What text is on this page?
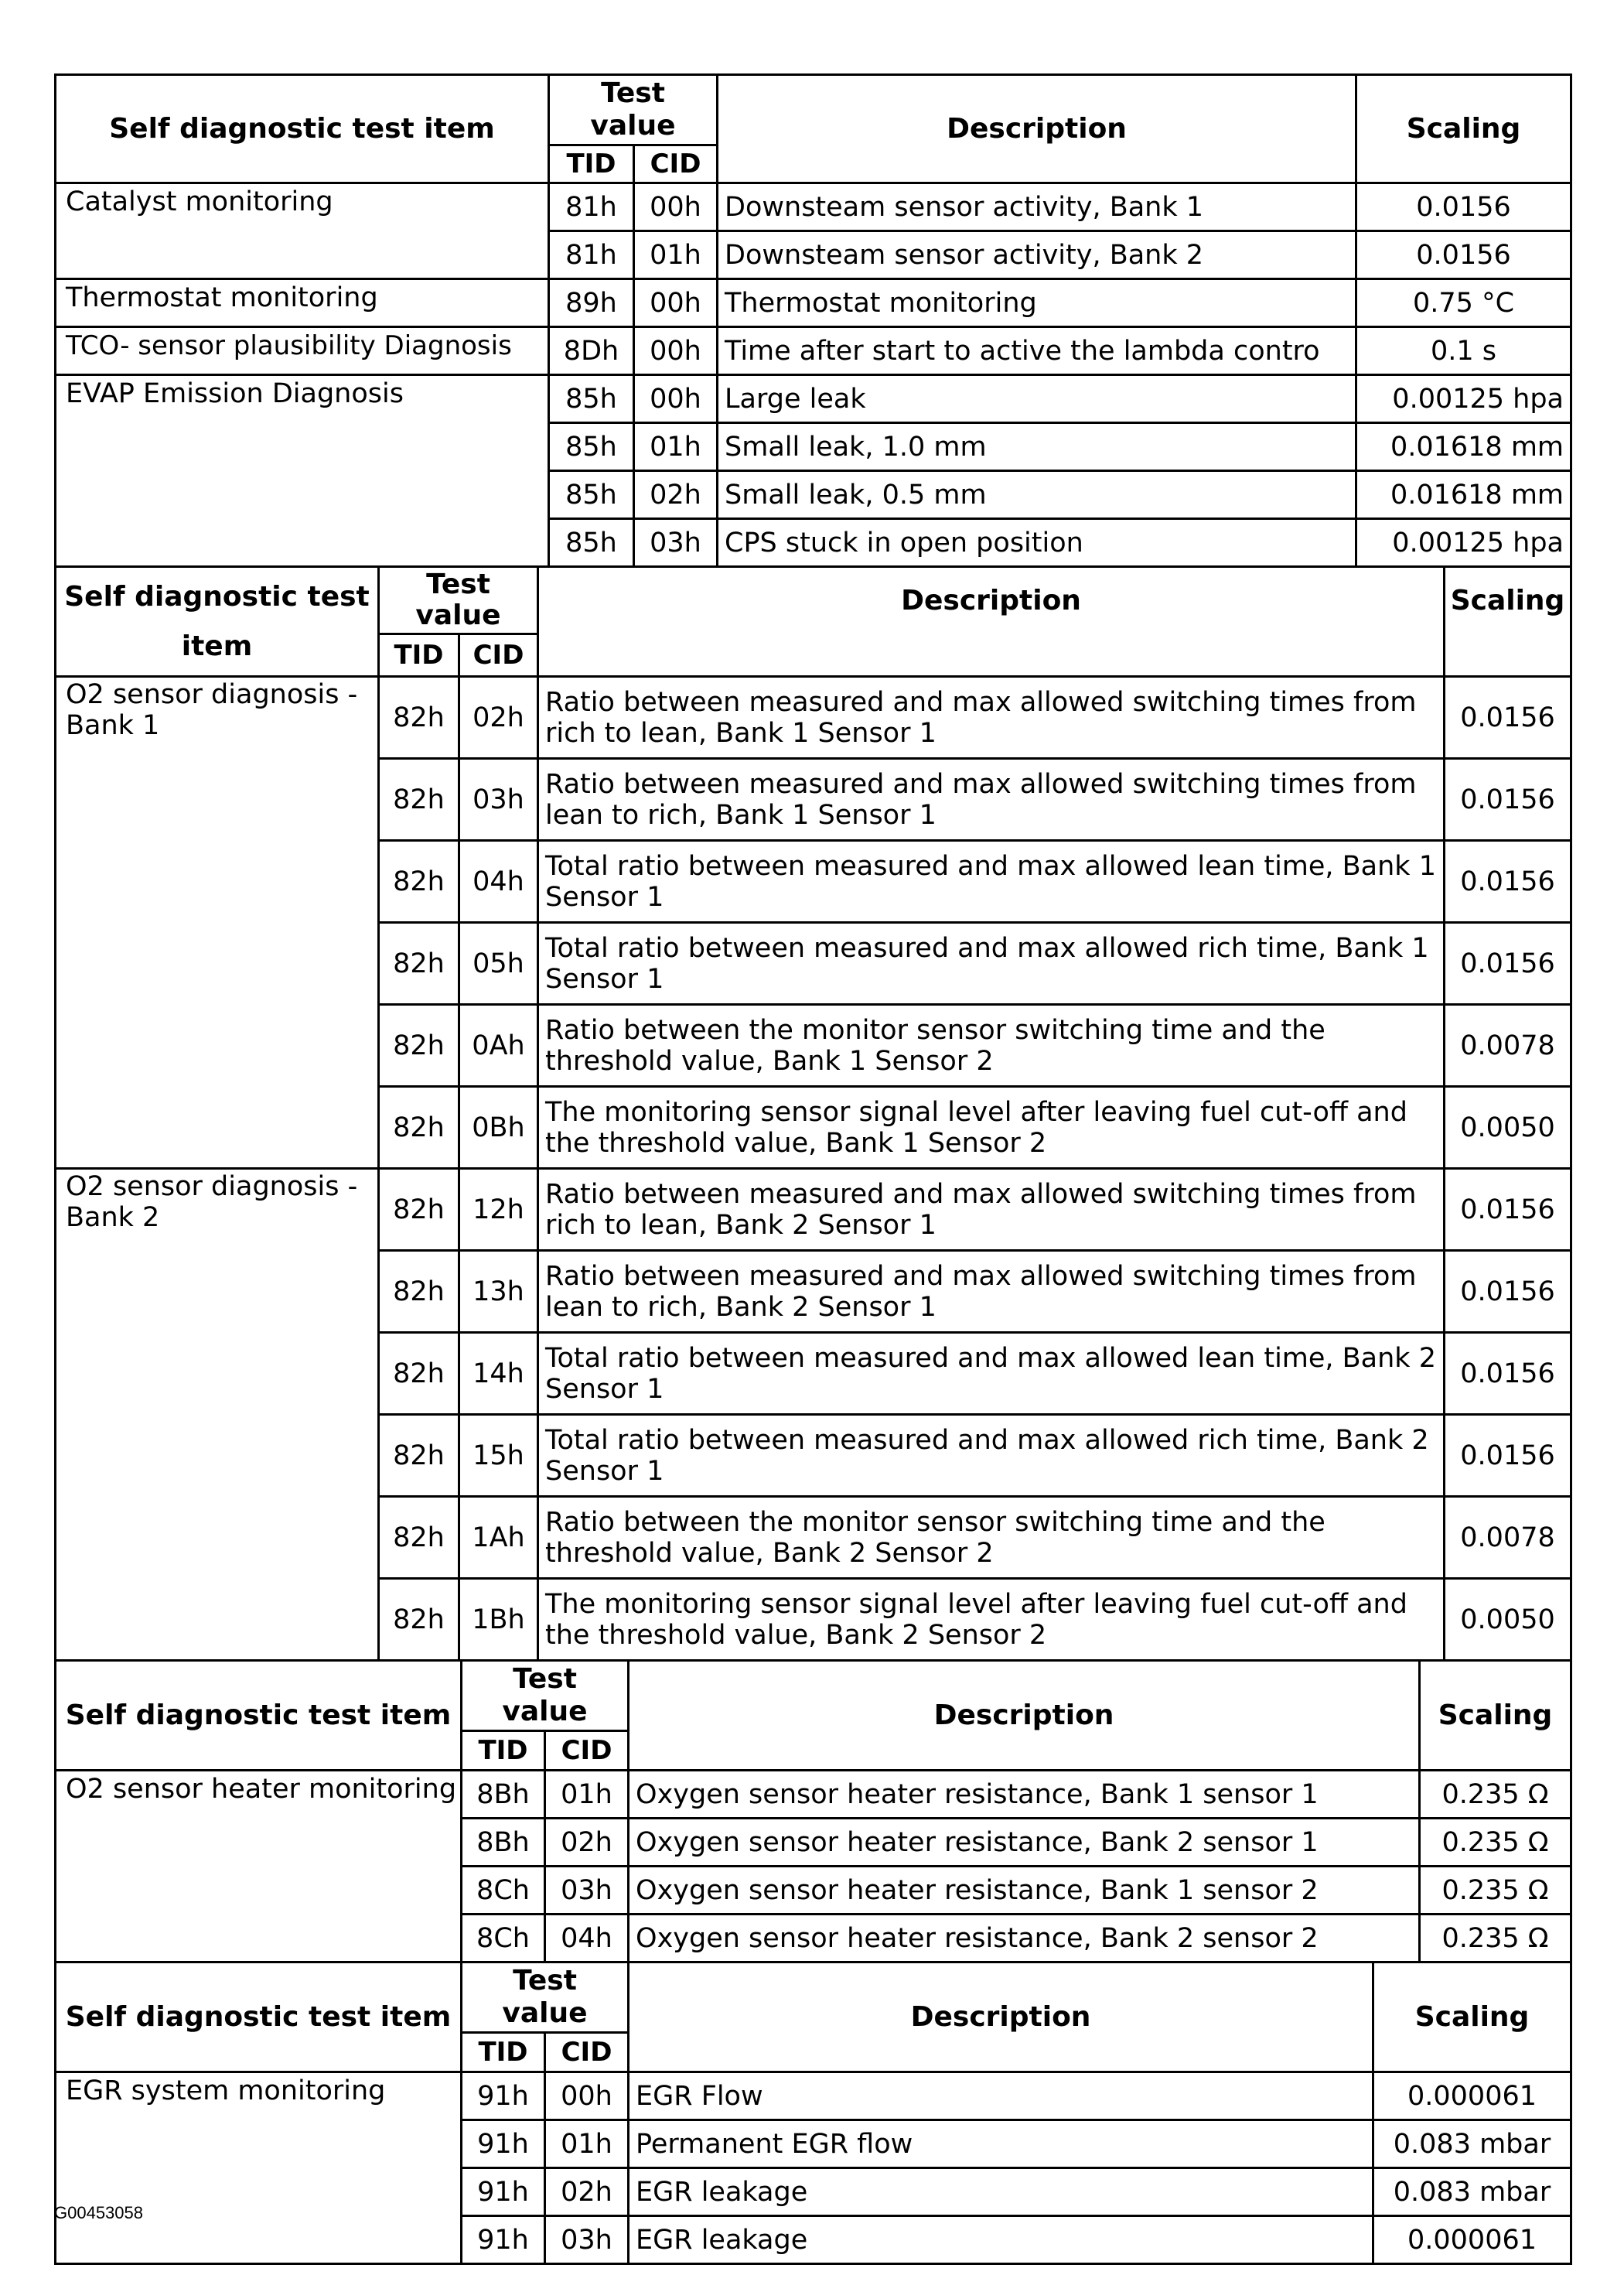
Self diagnostic test item	Test value		Description	Scaling
	TID	CID		
Catalyst monitoring	81h	00h	Downsteam sensor activity, Bank 1	0.0156
	81h	01h	Downsteam sensor activity, Bank 2	0.0156
Thermostat monitoring	89h	00h	Thermostat monitoring	0.75 °C
TCO- sensor plausibility Diagnosis	8Dh	00h	Time after start to active the lambda contro	0.1 s
EVAP Emission Diagnosis	85h	00h	Large leak	0.00125 hpa
	85h	01h	Small leak, 1.0 mm	0.01618 mm
	85h	02h	Small leak, 0.5 mm	0.01618 mm
	85h	03h	CPS stuck in open position	0.00125 hpa
Self diagnostic test item	Test value		Description	Scaling
	TID	CID		
O2 sensor diagnosis - Bank 1	82h	02h	Ratio between measured and max allowed switching times from rich to lean, Bank 1 Sensor 1	0.0156
	82h	03h	Ratio between measured and max allowed switching times from lean to rich, Bank 1 Sensor 1	0.0156
	82h	04h	Total ratio between measured and max allowed lean time, Bank 1 Sensor 1	0.0156
	82h	05h	Total ratio between measured and max allowed rich time, Bank 1 Sensor 1	0.0156
	82h	0Ah	Ratio between the monitor sensor switching time and the threshold value, Bank 1 Sensor 2	0.0078
	82h	0Bh	The monitoring sensor signal level after leaving fuel cut-off and the threshold value, Bank 1 Sensor 2	0.0050
O2 sensor diagnosis - Bank 2	82h	12h	Ratio between measured and max allowed switching times from rich to lean, Bank 2 Sensor 1	0.0156
	82h	13h	Ratio between measured and max allowed switching times from lean to rich, Bank 2 Sensor 1	0.0156
	82h	14h	Total ratio between measured and max allowed lean time, Bank 2 Sensor 1	0.0156
	82h	15h	Total ratio between measured and max allowed rich time, Bank 2 Sensor 1	0.0156
	82h	1Ah	Ratio between the monitor sensor switching time and the threshold value, Bank 2 Sensor 2	0.0078
	82h	1Bh	The monitoring sensor signal level after leaving fuel cut-off and the threshold value, Bank 2 Sensor 2	0.0050
Self diagnostic test item	Test value		Description	Scaling
	TID	CID		
O2 sensor heater monitoring	8Bh	01h	Oxygen sensor heater resistance, Bank 1 sensor 1	0.235 Ω
	8Bh	02h	Oxygen sensor heater resistance, Bank 2 sensor 1	0.235 Ω
	8Ch	03h	Oxygen sensor heater resistance, Bank 1 sensor 2	0.235 Ω
	8Ch	04h	Oxygen sensor heater resistance, Bank 2 sensor 2	0.235 Ω
Self diagnostic test item	Test value		Description	Scaling
	TID	CID		
EGR system monitoring	91h	00h	EGR Flow	0.000061
	91h	01h	Permanent EGR flow	0.083 mbar
	91h	02h	EGR leakage	0.083 mbar
	91h	03h	EGR leakage	0.000061
G00453058
